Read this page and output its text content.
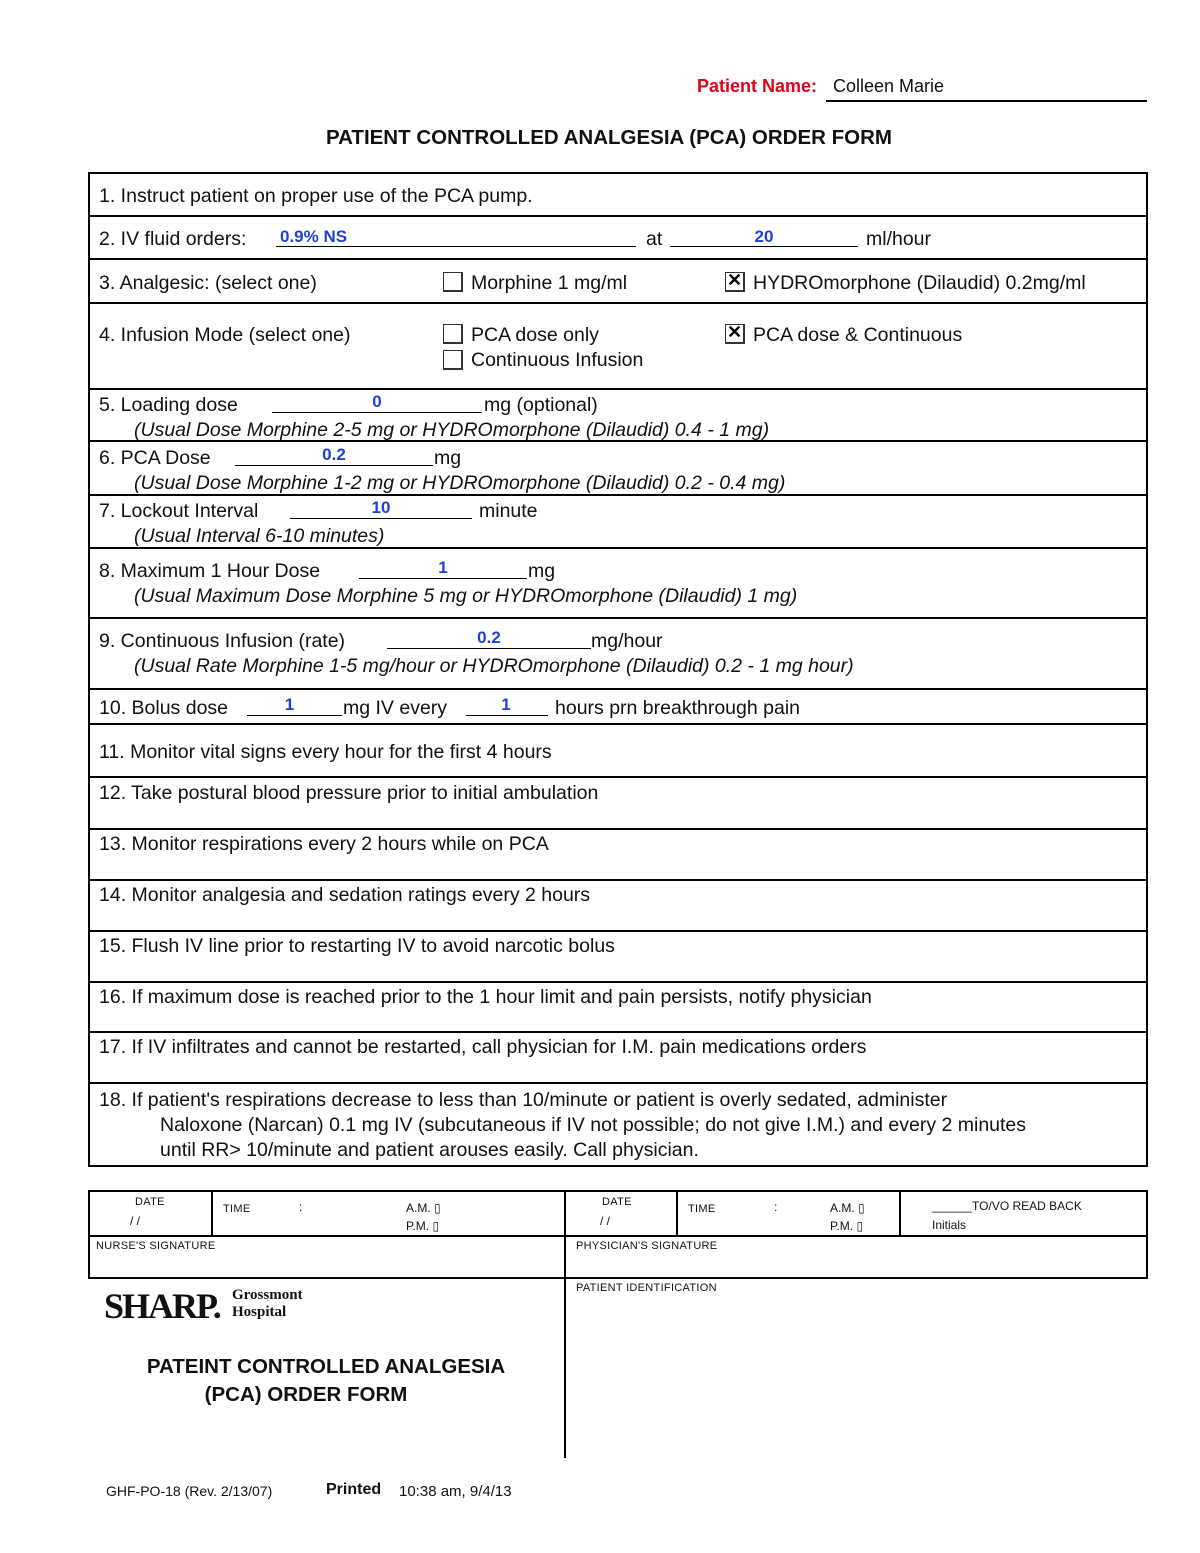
Patient Name: Colleen Marie
PATIENT CONTROLLED ANALGESIA (PCA) ORDER FORM
1. Instruct patient on proper use of the PCA pump.
2. IV fluid orders: 0.9% NS	at	20	ml/hour
3. Analgesic: (select one)	Morphine 1 mg/ml
✕	HYDROmorphone (Dilaudid) 0.2mg/ml
4. Infusion Mode (select one)	PCA dose only
Continuous Infusion
✕
PCA dose & Continuous
5. Loading dose	0	mg (optional)
(Usual Dose Morphine 2-5 mg or HYDROmorphone (Dilaudid) 0.4 - 1 mg)
6. PCA Dose	0.2	mg
(Usual Dose Morphine 1-2 mg or HYDROmorphone (Dilaudid) 0.2 - 0.4 mg)
7. Lockout Interval	10	minute
(Usual Interval 6-10 minutes)
8. Maximum 1 Hour Dose	1	mg
(Usual Maximum Dose Morphine 5 mg or HYDROmorphone (Dilaudid) 1 mg)
9. Continuous Infusion (rate)	0.2	mg/hour
(Usual Rate Morphine 1-5 mg/hour or HYDROmorphone (Dilaudid) 0.2 - 1 mg hour)
10. Bolus dose	1	mg IV every	1	hours prn breakthrough pain
11. Monitor vital signs every hour for the first 4 hours
12. Take postural blood pressure prior to initial ambulation
13. Monitor respirations every 2 hours while on PCA
14. Monitor analgesia and sedation ratings every 2 hours
15. Flush IV line prior to restarting IV to avoid narcotic bolus
16. If maximum dose is reached prior to the 1 hour limit and pain persists, notify physician
17. If IV infiltrates and cannot be restarted, call physician for I.M. pain medications orders
18. If patient's respirations decrease to less than 10/minute or patient is overly sedated, administer
Naloxone (Narcan) 0.1 mg IV (subcutaneous if IV not possible; do not give I.M.) and every 2 minutes
until RR> 10/minute and patient arouses easily. Call physician.
DATE
/ /
TIME	:	A.M. ▯
P.M. ▯
DATE
/ /
TIME	:	A.M. ▯
P.M. ▯
______TO/VO READ BACK
Initials
NURSE'S SIGNATURE	PHYSICIAN'S SIGNATURE
PATIENT IDENTIFICATION
SHARP. Grossmont
Hospital
PATEINT CONTROLLED ANALGESIA
(PCA) ORDER FORM
GHF-PO-18 (Rev. 2/13/07)	Printed 10:38 am, 9/4/13
